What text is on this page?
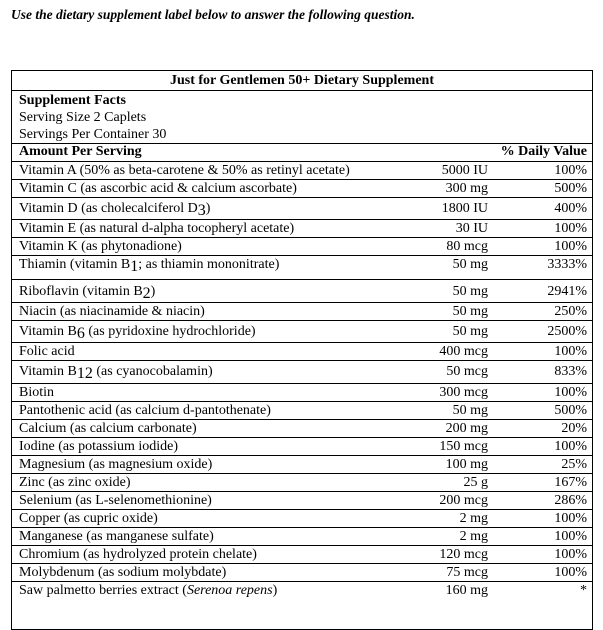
Use the dietary supplement label below to answer the following question.
Just for Gentlemen 50+ Dietary Supplement
Supplement Facts
Serving Size 2 Caplets
Servings Per Container 30
Amount Per Serving	% Daily Value
Vitamin A (50% as beta-carotene & 50% as retinyl acetate)	5000 IU	100%
Vitamin C (as ascorbic acid & calcium ascorbate)	300 mg	500%
Vitamin D (as cholecalciferol $D_3$)	1800 IU	400%
Vitamin E (as natural d-alpha tocopheryl acetate)	30 IU	100%
Vitamin K (as phytonadione)	80 mcg	100%
Thiamin (vitamin $B_1$; as thiamin mononitrate)	50 mg	3333%
Riboflavin (vitamin $B_2$)	50 mg	2941%
Niacin (as niacinamide & niacin)	50 mg	250%
Vitamin $B_6$ (as pyridoxine hydrochloride)	50 mg	2500%
Folic acid	400 mcg	100%
Vitamin $B_{12}$ (as cyanocobalamin)	50 mcg	833%
Biotin	300 mcg	100%
Pantothenic acid (as calcium d-pantothenate)	50 mg	500%
Calcium (as calcium carbonate)	200 mg	20%
Iodine (as potassium iodide)	150 mcg	100%
Magnesium (as magnesium oxide)	100 mg	25%
Zinc (as zinc oxide)	25 g	167%
Selenium (as L-selenomethionine)	200 mcg	286%
Copper (as cupric oxide)	2 mg	100%
Manganese (as manganese sulfate)	2 mg	100%
Chromium (as hydrolyzed protein chelate)	120 mcg	100%
Molybdenum (as sodium molybdate)	75 mcg	100%
Saw palmetto berries extract (Serenoa repens)	160 mg	*
